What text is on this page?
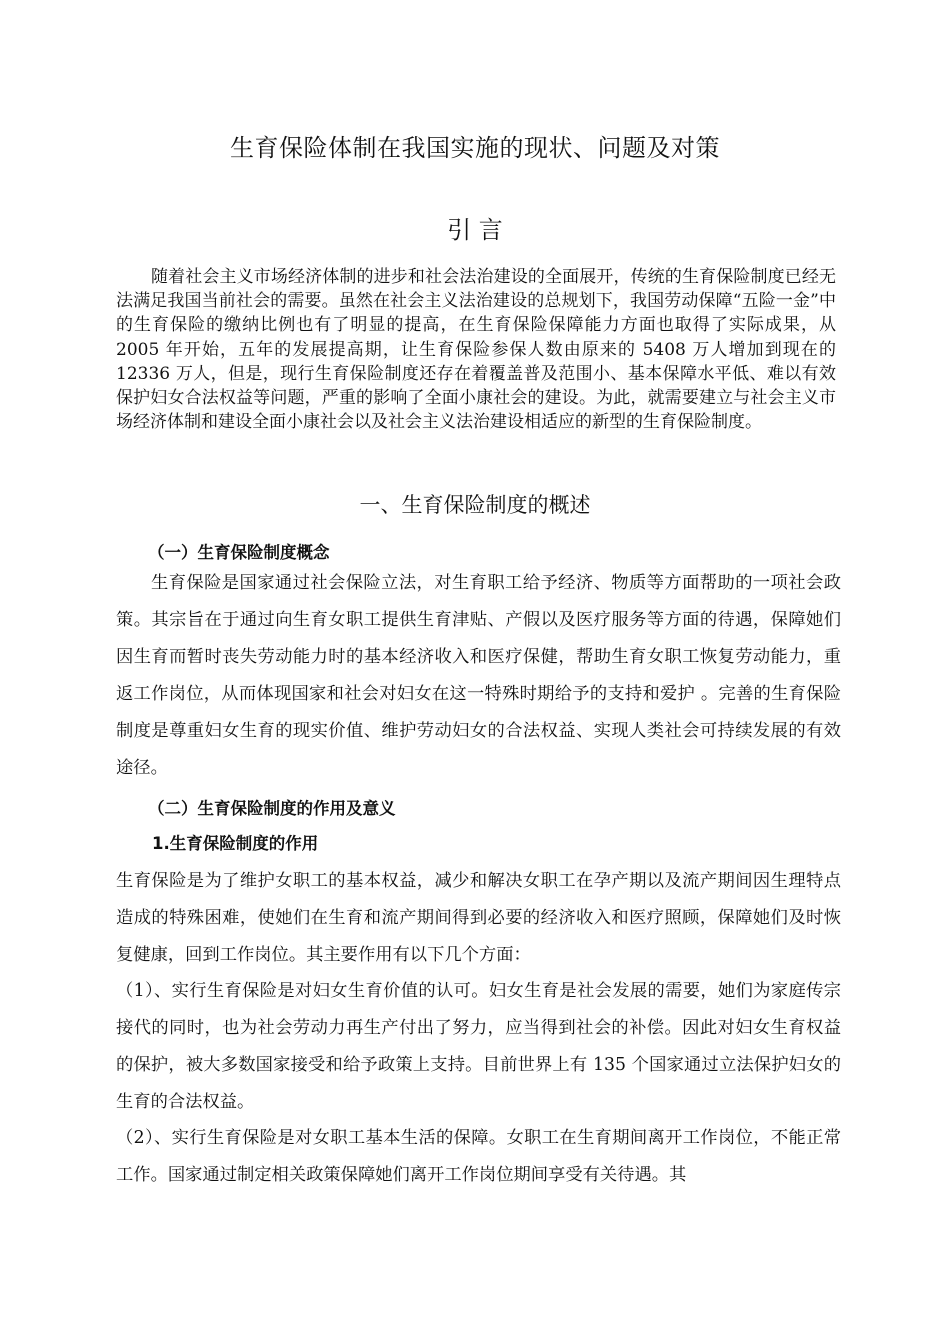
生育保险体制在我国实施的现状、问题及对策
引 言

随着社会主义市场经济体制的进步和社会法治建设的全面展开，传统的生育保险制度已经无法满足我国当前社会的需要。虽然在社会主义法治建设的总规划下，我国劳动保障“五险一金”中的生育保险的缴纳比例也有了明显的提高，在生育保险保障能力方面也取得了实际成果，从 2005 年开始，五年的发展提高期，让生育保险参保人数由原来的 5408 万人增加到现在的12336 万人，但是，现行生育保险制度还存在着覆盖普及范围小、基本保障水平低、难以有效保护妇女合法权益等问题，严重的影响了全面小康社会的建设。为此，就需要建立与社会主义市场经济体制和建设全面小康社会以及社会主义法治建设相适应的新型的生育保险制度。

一、生育保险制度的概述

（一）生育保险制度概念

生育保险是国家通过社会保险立法，对生育职工给予经济、物质等方面帮助的一项社会政策。其宗旨在于通过向生育女职工提供生育津贴、产假以及医疗服务等方面的待遇，保障她们因生育而暂时丧失劳动能力时的基本经济收入和医疗保健，帮助生育女职工恢复劳动能力，重返工作岗位，从而体现国家和社会对妇女在这一特殊时期给予的支持和爱护 。完善的生育保险制度是尊重妇女生育的现实价值、维护劳动妇女的合法权益、实现人类社会可持续发展的有效途径。

（二）生育保险制度的作用及意义

1.生育保险制度的作用

生育保险是为了维护女职工的基本权益，减少和解决女职工在孕产期以及流产期间因生理特点造成的特殊困难，使她们在生育和流产期间得到必要的经济收入和医疗照顾，保障她们及时恢复健康，回到工作岗位。其主要作用有以下几个方面：

（1）、实行生育保险是对妇女生育价值的认可。妇女生育是社会发展的需要，她们为家庭传宗接代的同时，也为社会劳动力再生产付出了努力，应当得到社会的补偿。因此对妇女生育权益的保护，被大多数国家接受和给予政策上支持。目前世界上有 135 个国家通过立法保护妇女的生育的合法权益。

（2）、实行生育保险是对女职工基本生活的保障。女职工在生育期间离开工作岗位，不能正常工作。国家通过制定相关政策保障她们离开工作岗位期间享受有关待遇。其
